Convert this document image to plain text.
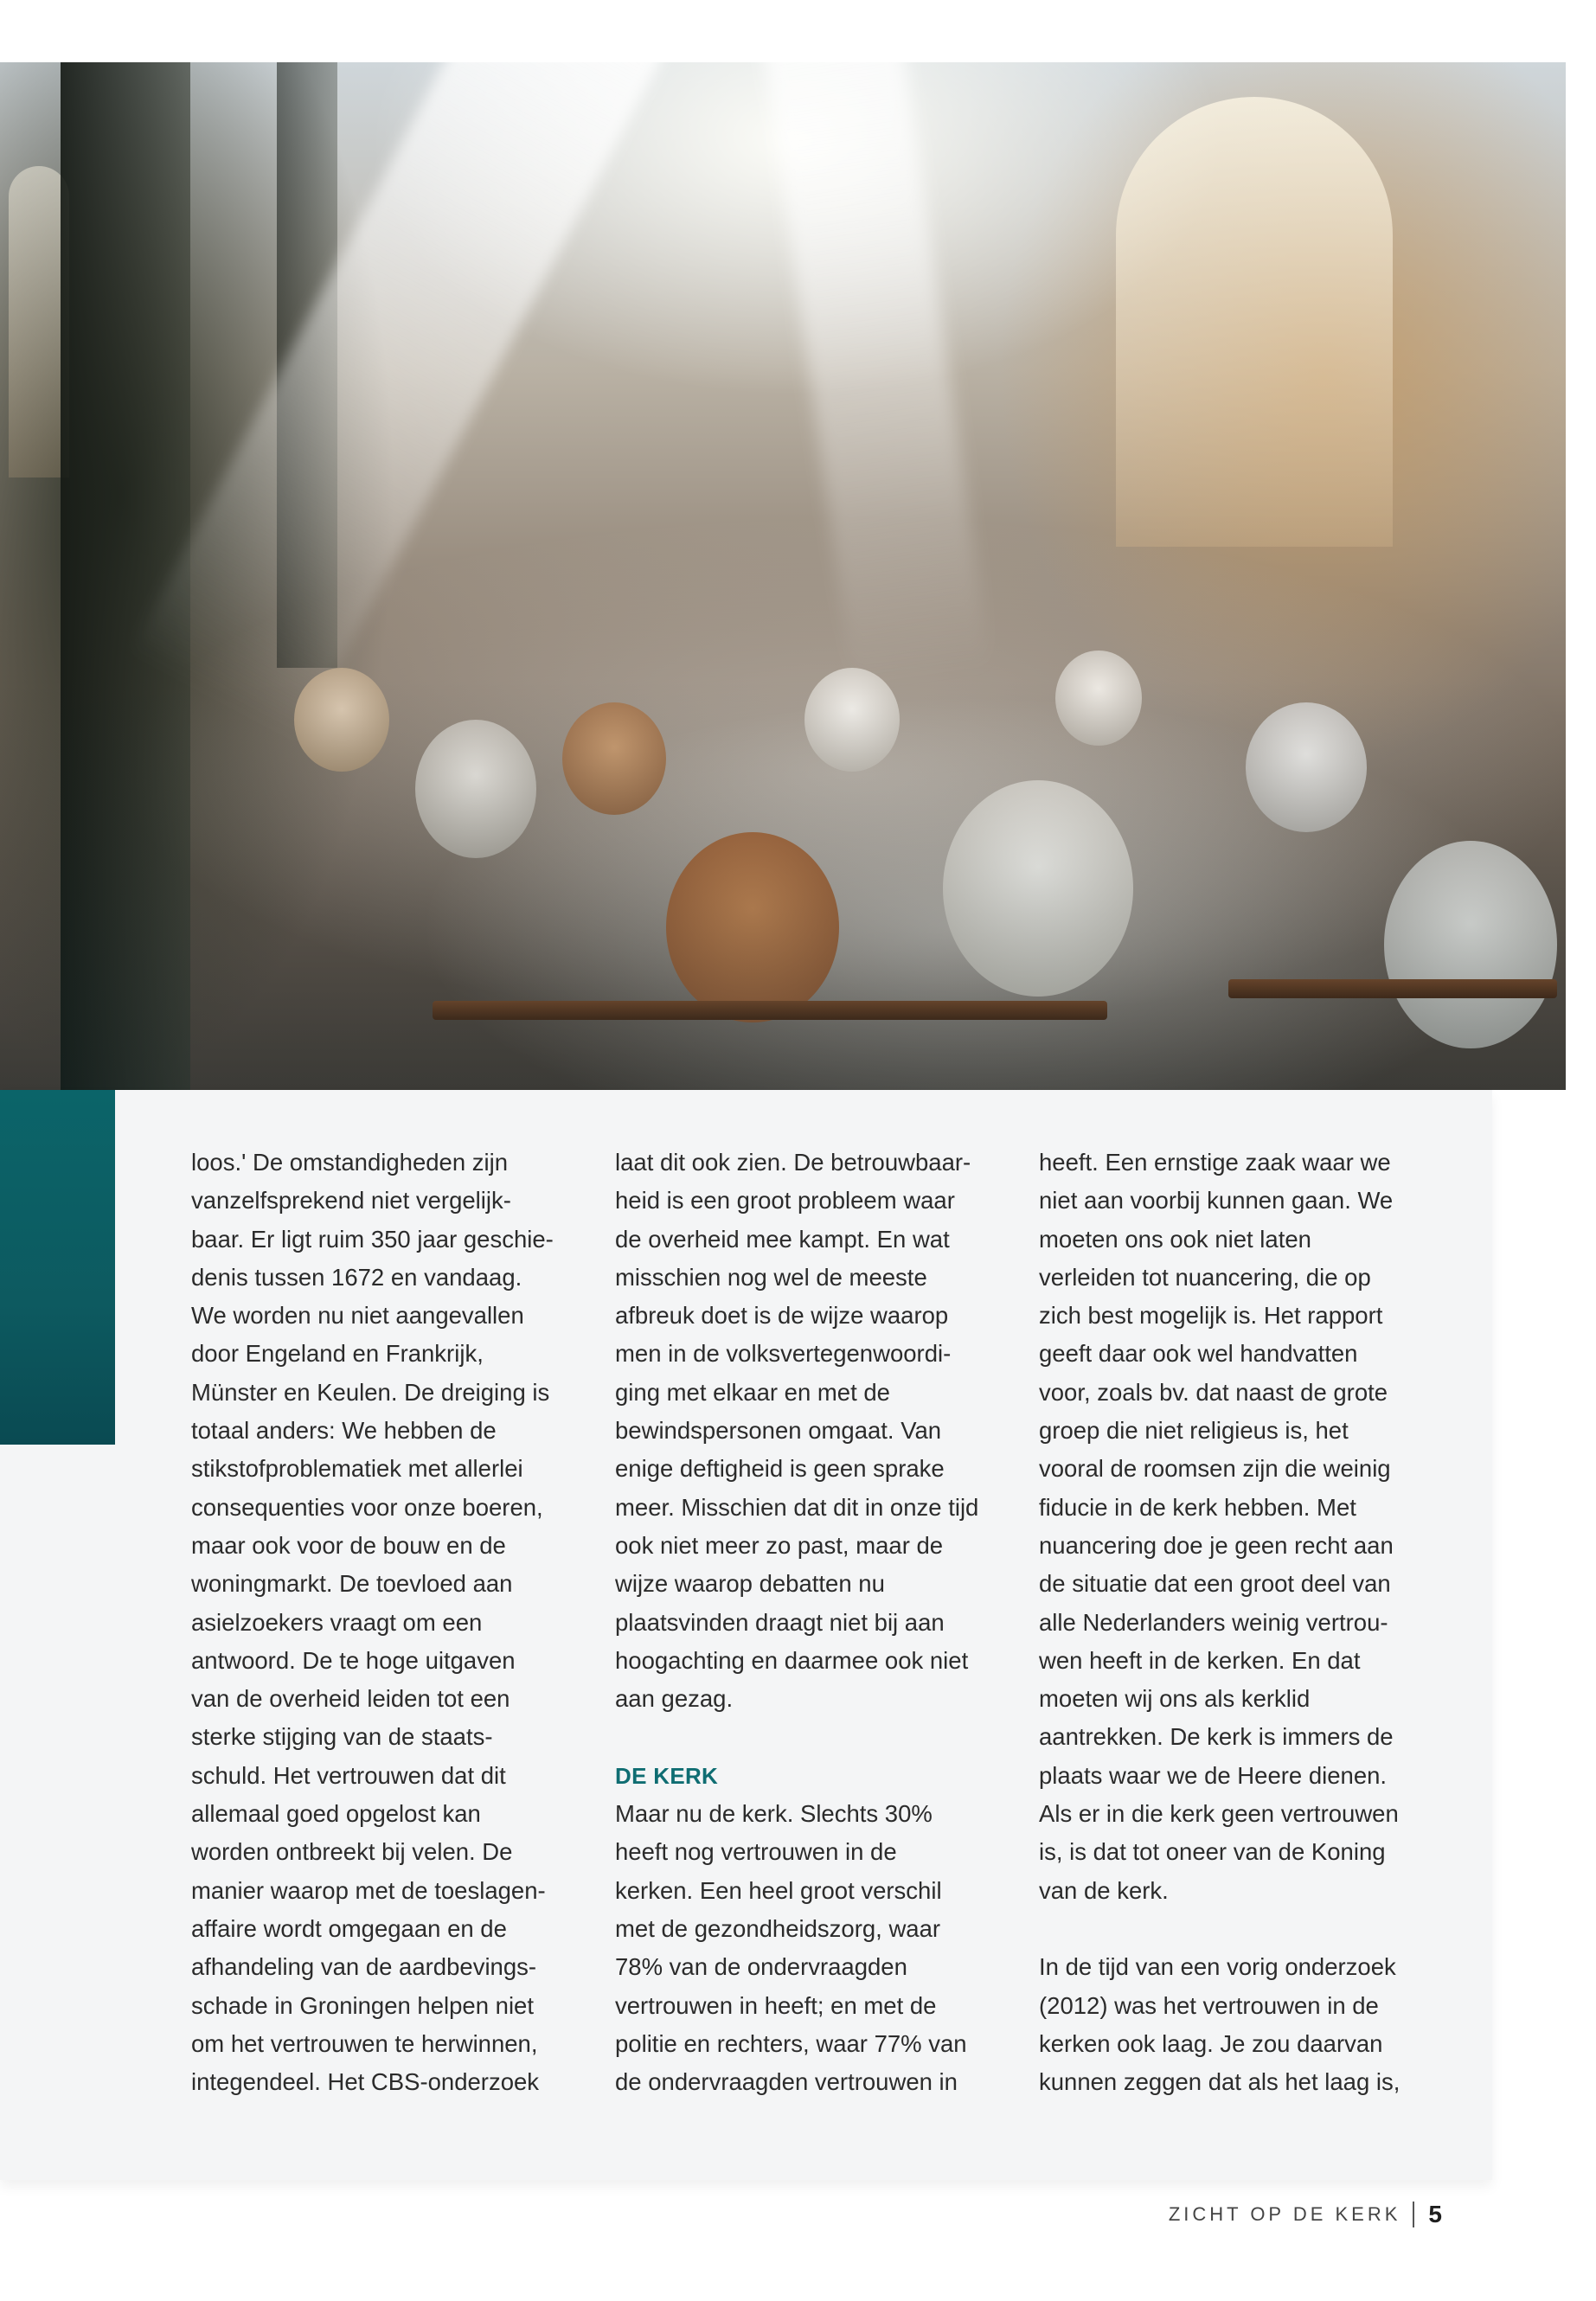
loos.' De omstandigheden zijn
vanzelfsprekend niet vergelijk-
baar. Er ligt ruim 350 jaar geschie-
denis tussen 1672 en vandaag.
We worden nu niet aangevallen
door Engeland en Frankrijk,
Münster en Keulen. De dreiging is
totaal anders: We hebben de
stikstofproblematiek met allerlei
consequenties voor onze boeren,
maar ook voor de bouw en de
woningmarkt. De toevloed aan
asielzoekers vraagt om een
antwoord. De te hoge uitgaven
van de overheid leiden tot een
sterke stijging van de staats-
schuld. Het vertrouwen dat dit
allemaal goed opgelost kan
worden ontbreekt bij velen. De
manier waarop met de toeslagen-
affaire wordt omgegaan en de
afhandeling van de aardbevings-
schade in Groningen helpen niet
om het vertrouwen te herwinnen,
integendeel. Het CBS-onderzoek

laat dit ook zien. De betrouwbaar-
heid is een groot probleem waar
de overheid mee kampt. En wat
misschien nog wel de meeste
afbreuk doet is de wijze waarop
men in de volksvertegenwoordi-
ging met elkaar en met de
bewindspersonen omgaat. Van
enige deftigheid is geen sprake
meer. Misschien dat dit in onze tijd
ook niet meer zo past, maar de
wijze waarop debatten nu
plaatsvinden draagt niet bij aan
hoogachting en daarmee ook niet
aan gezag.

DE KERK

Maar nu de kerk. Slechts 30%
heeft nog vertrouwen in de
kerken. Een heel groot verschil
met de gezondheidszorg, waar
78% van de ondervraagden
vertrouwen in heeft; en met de
politie en rechters, waar 77% van
de ondervraagden vertrouwen in

heeft. Een ernstige zaak waar we
niet aan voorbij kunnen gaan. We
moeten ons ook niet laten
verleiden tot nuancering, die op
zich best mogelijk is. Het rapport
geeft daar ook wel handvatten
voor, zoals bv. dat naast de grote
groep die niet religieus is, het
vooral de roomsen zijn die weinig
fiducie in de kerk hebben. Met
nuancering doe je geen recht aan
de situatie dat een groot deel van
alle Nederlanders weinig vertrou-
wen heeft in de kerken. En dat
moeten wij ons als kerklid
aantrekken. De kerk is immers de
plaats waar we de Heere dienen.
Als er in die kerk geen vertrouwen
is, is dat tot oneer van de Koning
van de kerk.

In de tijd van een vorig onderzoek
(2012) was het vertrouwen in de
kerken ook laag. Je zou daarvan
kunnen zeggen dat als het laag is,

ZICHT OP DE KERK 5
